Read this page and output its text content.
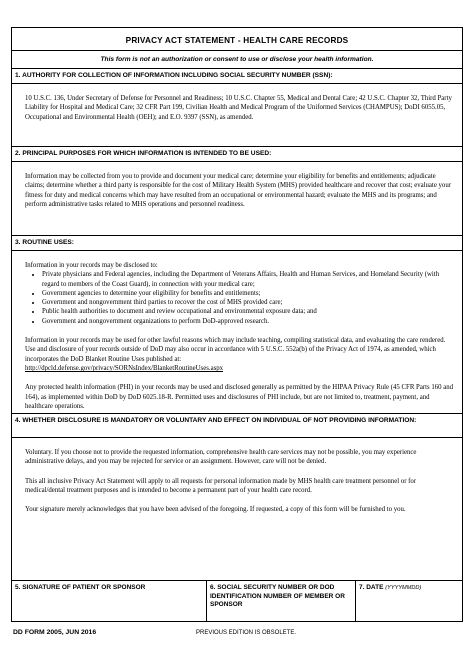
PRIVACY ACT STATEMENT - HEALTH CARE RECORDS
This form is not an authorization or consent to use or disclose your health information.
1. AUTHORITY FOR COLLECTION OF INFORMATION INCLUDING SOCIAL SECURITY NUMBER (SSN):

10 U.S.C. 136, Under Secretary of Defense for Personnel and Readiness; 10 U.S.C. Chapter 55, Medical and Dental Care; 42 U.S.C. Chapter 32, Third Party Liability for Hospital and Medical Care; 32 CFR Part 199, Civilian Health and Medical Program of the Uniformed Services (CHAMPUS); DoDI 6055.05, Occupational and Environmental Health (OEH); and E.O. 9397 (SSN), as amended.

2. PRINCIPAL PURPOSES FOR WHICH INFORMATION IS INTENDED TO BE USED:

Information may be collected from you to provide and document your medical care; determine your eligibility for benefits and entitlements; adjudicate claims; determine whether a third party is responsible for the cost of Military Health System (MHS) provided healthcare and recover that cost; evaluate your fitness for duty and medical concerns which may have resulted from an occupational or environmental hazard; evaluate the MHS and its programs; and perform administrative tasks related to MHS operations and personnel readiness.

3. ROUTINE USES:

Information in your records may be disclosed to:

• Private physicians and Federal agencies, including the Department of Veterans Affairs, Health and Human Services, and Homeland Security (with regard to members of the Coast Guard), in connection with your medical care;
• Government agencies to determine your eligibility for benefits and entitlements;
• Government and nongovernment third parties to recover the cost of MHS provided care;
• Public health authorities to document and review occupational and environmental exposure data; and
• Government and nongovernment organizations to perform DoD-approved research.

Information in your records may be used for other lawful reasons which may include teaching, compiling statistical data, and evaluating the care rendered. Use and disclosure of your records outside of DoD may also occur in accordance with 5 U.S.C. 552a(b) of the Privacy Act of 1974, as amended, which incorporates the DoD Blanket Routine Uses published at:

http://dpcld.defense.gov/privacy/SORNsIndex/BlanketRoutineUses.aspx

Any protected health information (PHI) in your records may be used and disclosed generally as permitted by the HIPAA Privacy Rule (45 CFR Parts 160 and 164), as implemented within DoD by DoD 6025.18-R. Permitted uses and disclosures of PHI include, but are not limited to, treatment, payment, and healthcare operations.

4. WHETHER DISCLOSURE IS MANDATORY OR VOLUNTARY AND EFFECT ON INDIVIDUAL OF NOT PROVIDING INFORMATION:

Voluntary. If you choose not to provide the requested information, comprehensive health care services may not be possible, you may experience administrative delays, and you may be rejected for service or an assignment. However, care will not be denied.

This all inclusive Privacy Act Statement will apply to all requests for personal information made by MHS health care treatment personnel or for medical/dental treatment purposes and is intended to become a permanent part of your health care record.

Your signature merely acknowledges that you have been advised of the foregoing. If requested, a copy of this form will be furnished to you.

5. SIGNATURE OF PATIENT OR SPONSOR	6. SOCIAL SECURITY NUMBER OR DOD IDENTIFICATION NUMBER OF MEMBER OR SPONSOR
7. DATE (YYYYMMDD)
DD FORM 2005, JUN 2016	PREVIOUS EDITION IS OBSOLETE.
